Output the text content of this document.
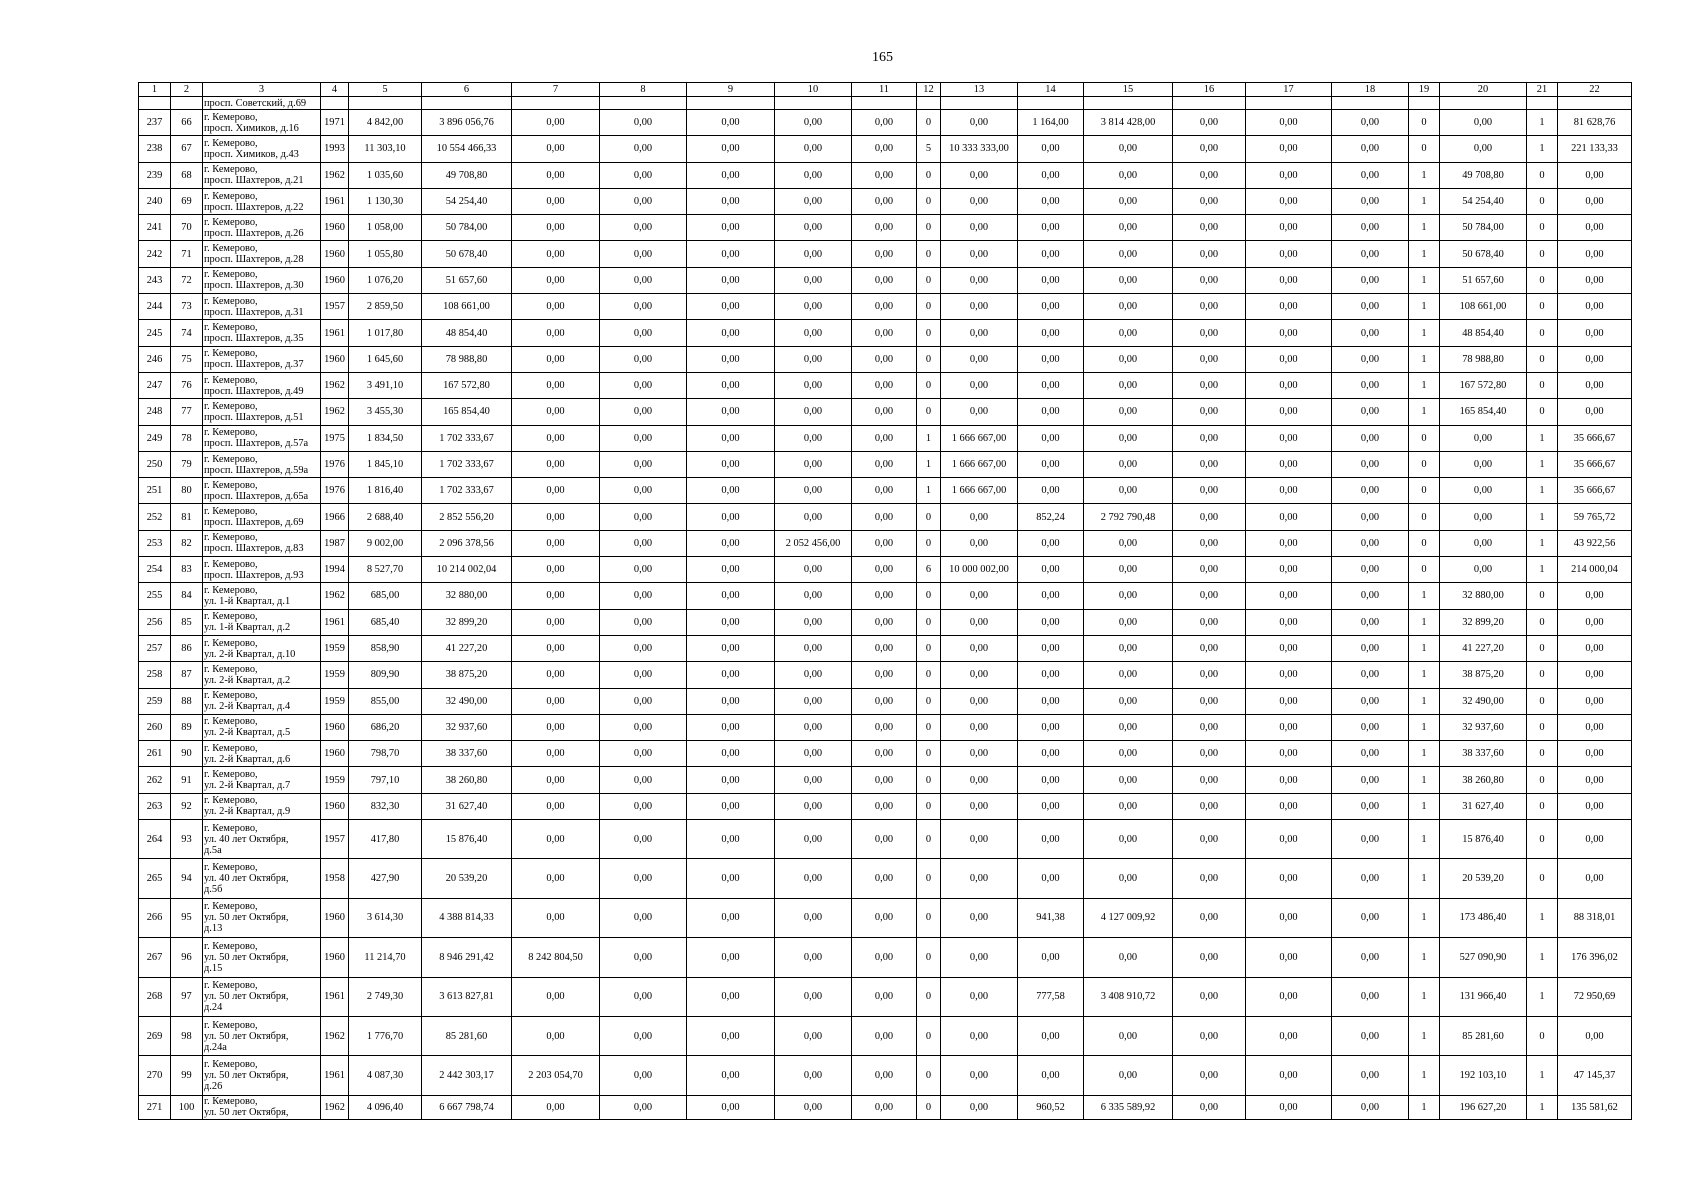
165
1	2	3	4	5	6	7	8	9	10	11	12	13	14	15	16	17	18	19	20	21	22
		просп. Советский, д.69																			
237	66	г. Кемерово,
просп. Химиков, д.16	1971	4 842,00	3 896 056,76	0,00	0,00	0,00	0,00	0,00	0	0,00	1 164,00	3 814 428,00	0,00	0,00	0,00	0	0,00	1	81 628,76
238	67	г. Кемерово,
просп. Химиков, д.43	1993	11 303,10	10 554 466,33	0,00	0,00	0,00	0,00	0,00	5	10 333 333,00	0,00	0,00	0,00	0,00	0,00	0	0,00	1	221 133,33
239	68	г. Кемерово,
просп. Шахтеров, д.21	1962	1 035,60	49 708,80	0,00	0,00	0,00	0,00	0,00	0	0,00	0,00	0,00	0,00	0,00	0,00	1	49 708,80	0	0,00
240	69	г. Кемерово,
просп. Шахтеров, д.22	1961	1 130,30	54 254,40	0,00	0,00	0,00	0,00	0,00	0	0,00	0,00	0,00	0,00	0,00	0,00	1	54 254,40	0	0,00
241	70	г. Кемерово,
просп. Шахтеров, д.26	1960	1 058,00	50 784,00	0,00	0,00	0,00	0,00	0,00	0	0,00	0,00	0,00	0,00	0,00	0,00	1	50 784,00	0	0,00
242	71	г. Кемерово,
просп. Шахтеров, д.28	1960	1 055,80	50 678,40	0,00	0,00	0,00	0,00	0,00	0	0,00	0,00	0,00	0,00	0,00	0,00	1	50 678,40	0	0,00
243	72	г. Кемерово,
просп. Шахтеров, д.30	1960	1 076,20	51 657,60	0,00	0,00	0,00	0,00	0,00	0	0,00	0,00	0,00	0,00	0,00	0,00	1	51 657,60	0	0,00
244	73	г. Кемерово,
просп. Шахтеров, д.31	1957	2 859,50	108 661,00	0,00	0,00	0,00	0,00	0,00	0	0,00	0,00	0,00	0,00	0,00	0,00	1	108 661,00	0	0,00
245	74	г. Кемерово,
просп. Шахтеров, д.35	1961	1 017,80	48 854,40	0,00	0,00	0,00	0,00	0,00	0	0,00	0,00	0,00	0,00	0,00	0,00	1	48 854,40	0	0,00
246	75	г. Кемерово,
просп. Шахтеров, д.37	1960	1 645,60	78 988,80	0,00	0,00	0,00	0,00	0,00	0	0,00	0,00	0,00	0,00	0,00	0,00	1	78 988,80	0	0,00
247	76	г. Кемерово,
просп. Шахтеров, д.49	1962	3 491,10	167 572,80	0,00	0,00	0,00	0,00	0,00	0	0,00	0,00	0,00	0,00	0,00	0,00	1	167 572,80	0	0,00
248	77	г. Кемерово,
просп. Шахтеров, д.51	1962	3 455,30	165 854,40	0,00	0,00	0,00	0,00	0,00	0	0,00	0,00	0,00	0,00	0,00	0,00	1	165 854,40	0	0,00
249	78	г. Кемерово,
просп. Шахтеров, д.57а	1975	1 834,50	1 702 333,67	0,00	0,00	0,00	0,00	0,00	1	1 666 667,00	0,00	0,00	0,00	0,00	0,00	0	0,00	1	35 666,67
250	79	г. Кемерово,
просп. Шахтеров, д.59а	1976	1 845,10	1 702 333,67	0,00	0,00	0,00	0,00	0,00	1	1 666 667,00	0,00	0,00	0,00	0,00	0,00	0	0,00	1	35 666,67
251	80	г. Кемерово,
просп. Шахтеров, д.65а	1976	1 816,40	1 702 333,67	0,00	0,00	0,00	0,00	0,00	1	1 666 667,00	0,00	0,00	0,00	0,00	0,00	0	0,00	1	35 666,67
252	81	г. Кемерово,
просп. Шахтеров, д.69	1966	2 688,40	2 852 556,20	0,00	0,00	0,00	0,00	0,00	0	0,00	852,24	2 792 790,48	0,00	0,00	0,00	0	0,00	1	59 765,72
253	82	г. Кемерово,
просп. Шахтеров, д.83	1987	9 002,00	2 096 378,56	0,00	0,00	0,00	2 052 456,00	0,00	0	0,00	0,00	0,00	0,00	0,00	0,00	0	0,00	1	43 922,56
254	83	г. Кемерово,
просп. Шахтеров, д.93	1994	8 527,70	10 214 002,04	0,00	0,00	0,00	0,00	0,00	6	10 000 002,00	0,00	0,00	0,00	0,00	0,00	0	0,00	1	214 000,04
255	84	г. Кемерово,
ул. 1-й Квартал, д.1	1962	685,00	32 880,00	0,00	0,00	0,00	0,00	0,00	0	0,00	0,00	0,00	0,00	0,00	0,00	1	32 880,00	0	0,00
256	85	г. Кемерово,
ул. 1-й Квартал, д.2	1961	685,40	32 899,20	0,00	0,00	0,00	0,00	0,00	0	0,00	0,00	0,00	0,00	0,00	0,00	1	32 899,20	0	0,00
257	86	г. Кемерово,
ул. 2-й Квартал, д.10	1959	858,90	41 227,20	0,00	0,00	0,00	0,00	0,00	0	0,00	0,00	0,00	0,00	0,00	0,00	1	41 227,20	0	0,00
258	87	г. Кемерово,
ул. 2-й Квартал, д.2	1959	809,90	38 875,20	0,00	0,00	0,00	0,00	0,00	0	0,00	0,00	0,00	0,00	0,00	0,00	1	38 875,20	0	0,00
259	88	г. Кемерово,
ул. 2-й Квартал, д.4	1959	855,00	32 490,00	0,00	0,00	0,00	0,00	0,00	0	0,00	0,00	0,00	0,00	0,00	0,00	1	32 490,00	0	0,00
260	89	г. Кемерово,
ул. 2-й Квартал, д.5	1960	686,20	32 937,60	0,00	0,00	0,00	0,00	0,00	0	0,00	0,00	0,00	0,00	0,00	0,00	1	32 937,60	0	0,00
261	90	г. Кемерово,
ул. 2-й Квартал, д.6	1960	798,70	38 337,60	0,00	0,00	0,00	0,00	0,00	0	0,00	0,00	0,00	0,00	0,00	0,00	1	38 337,60	0	0,00
262	91	г. Кемерово,
ул. 2-й Квартал, д.7	1959	797,10	38 260,80	0,00	0,00	0,00	0,00	0,00	0	0,00	0,00	0,00	0,00	0,00	0,00	1	38 260,80	0	0,00
263	92	г. Кемерово,
ул. 2-й Квартал, д.9	1960	832,30	31 627,40	0,00	0,00	0,00	0,00	0,00	0	0,00	0,00	0,00	0,00	0,00	0,00	1	31 627,40	0	0,00
264	93	г. Кемерово,
ул. 40 лет Октября,
д.5а	1957	417,80	15 876,40	0,00	0,00	0,00	0,00	0,00	0	0,00	0,00	0,00	0,00	0,00	0,00	1	15 876,40	0	0,00
265	94	г. Кемерово,
ул. 40 лет Октября,
д.5б	1958	427,90	20 539,20	0,00	0,00	0,00	0,00	0,00	0	0,00	0,00	0,00	0,00	0,00	0,00	1	20 539,20	0	0,00
266	95	г. Кемерово,
ул. 50 лет Октября,
д.13	1960	3 614,30	4 388 814,33	0,00	0,00	0,00	0,00	0,00	0	0,00	941,38	4 127 009,92	0,00	0,00	0,00	1	173 486,40	1	88 318,01
267	96	г. Кемерово,
ул. 50 лет Октября,
д.15	1960	11 214,70	8 946 291,42	8 242 804,50	0,00	0,00	0,00	0,00	0	0,00	0,00	0,00	0,00	0,00	0,00	1	527 090,90	1	176 396,02
268	97	г. Кемерово,
ул. 50 лет Октября,
д.24	1961	2 749,30	3 613 827,81	0,00	0,00	0,00	0,00	0,00	0	0,00	777,58	3 408 910,72	0,00	0,00	0,00	1	131 966,40	1	72 950,69
269	98	г. Кемерово,
ул. 50 лет Октября,
д.24а	1962	1 776,70	85 281,60	0,00	0,00	0,00	0,00	0,00	0	0,00	0,00	0,00	0,00	0,00	0,00	1	85 281,60	0	0,00
270	99	г. Кемерово,
ул. 50 лет Октября,
д.26	1961	4 087,30	2 442 303,17	2 203 054,70	0,00	0,00	0,00	0,00	0	0,00	0,00	0,00	0,00	0,00	0,00	1	192 103,10	1	47 145,37
271	100	г. Кемерово,
ул. 50 лет Октября,	1962	4 096,40	6 667 798,74	0,00	0,00	0,00	0,00	0,00	0	0,00	960,52	6 335 589,92	0,00	0,00	0,00	1	196 627,20	1	135 581,62
